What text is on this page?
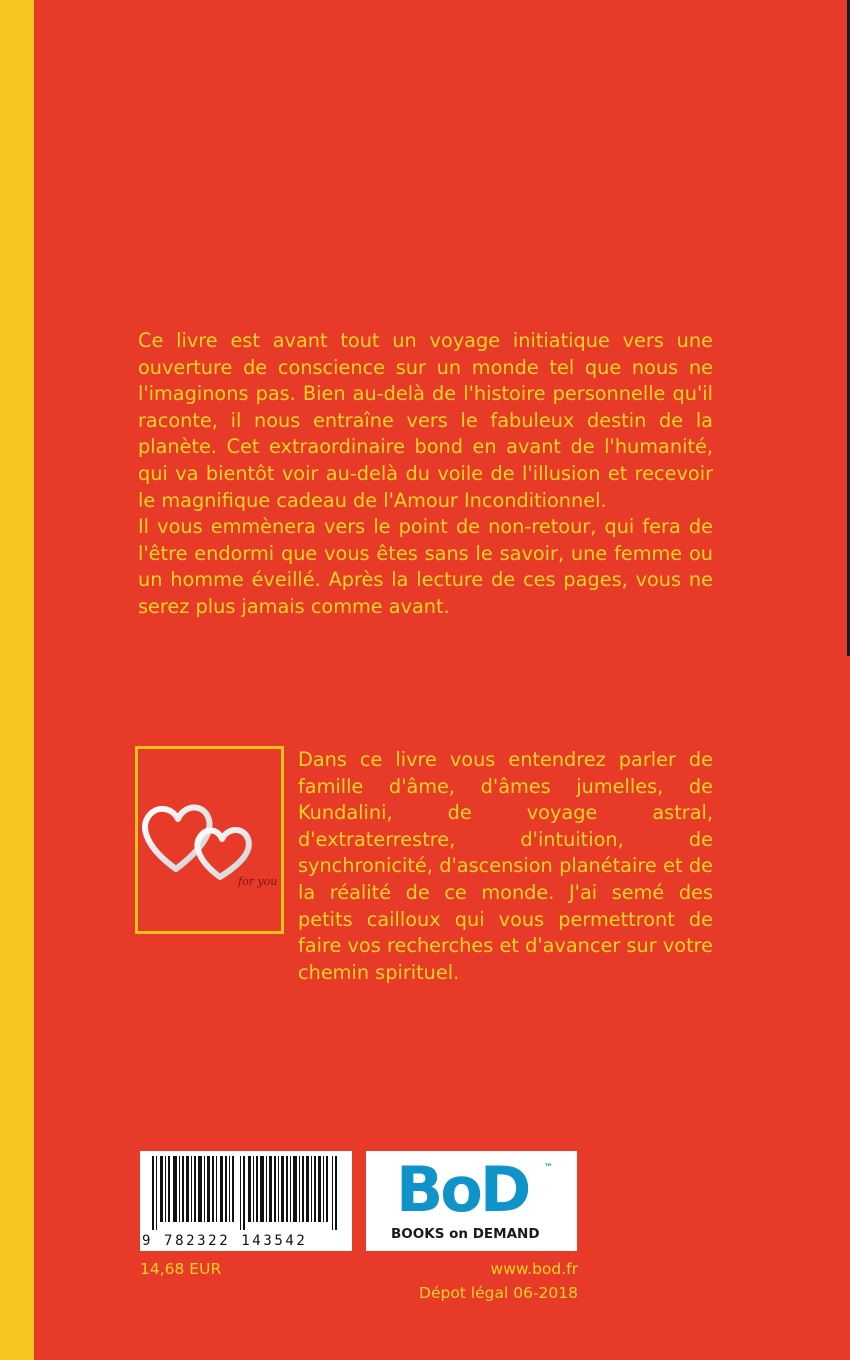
Ce livre est avant tout un voyage initiatique vers une ouverture de conscience sur un monde tel que nous ne l'imaginons pas. Bien au-delà de l'histoire personnelle qu'il raconte, il nous entraîne vers le fabuleux destin de la planète. Cet extraordinaire bond en avant de l'humanité, qui va bientôt voir au-delà du voile de l'illusion et recevoir le magnifique cadeau de l'Amour Inconditionnel.

Il vous emmènera vers le point de non-retour, qui fera de l'être endormi que vous êtes sans le savoir, une femme ou un homme éveillé. Après la lecture de ces pages, vous ne serez plus jamais comme avant.

for you

Dans ce livre vous entendrez parler de famille d'âme, d'âmes jumelles, de Kundalini, de voyage astral, d'extraterrestre, d'intuition, de synchronicité, d'ascension planétaire et de la réalité de ce monde. J'ai semé des petits cailloux qui vous permettront de faire vos recherches et d'avancer sur votre chemin spirituel.

9 782322 143542
BoD ™
BOOKS on DEMAND
14,68 EUR	www.bod.fr
Dépot légal 06-2018
